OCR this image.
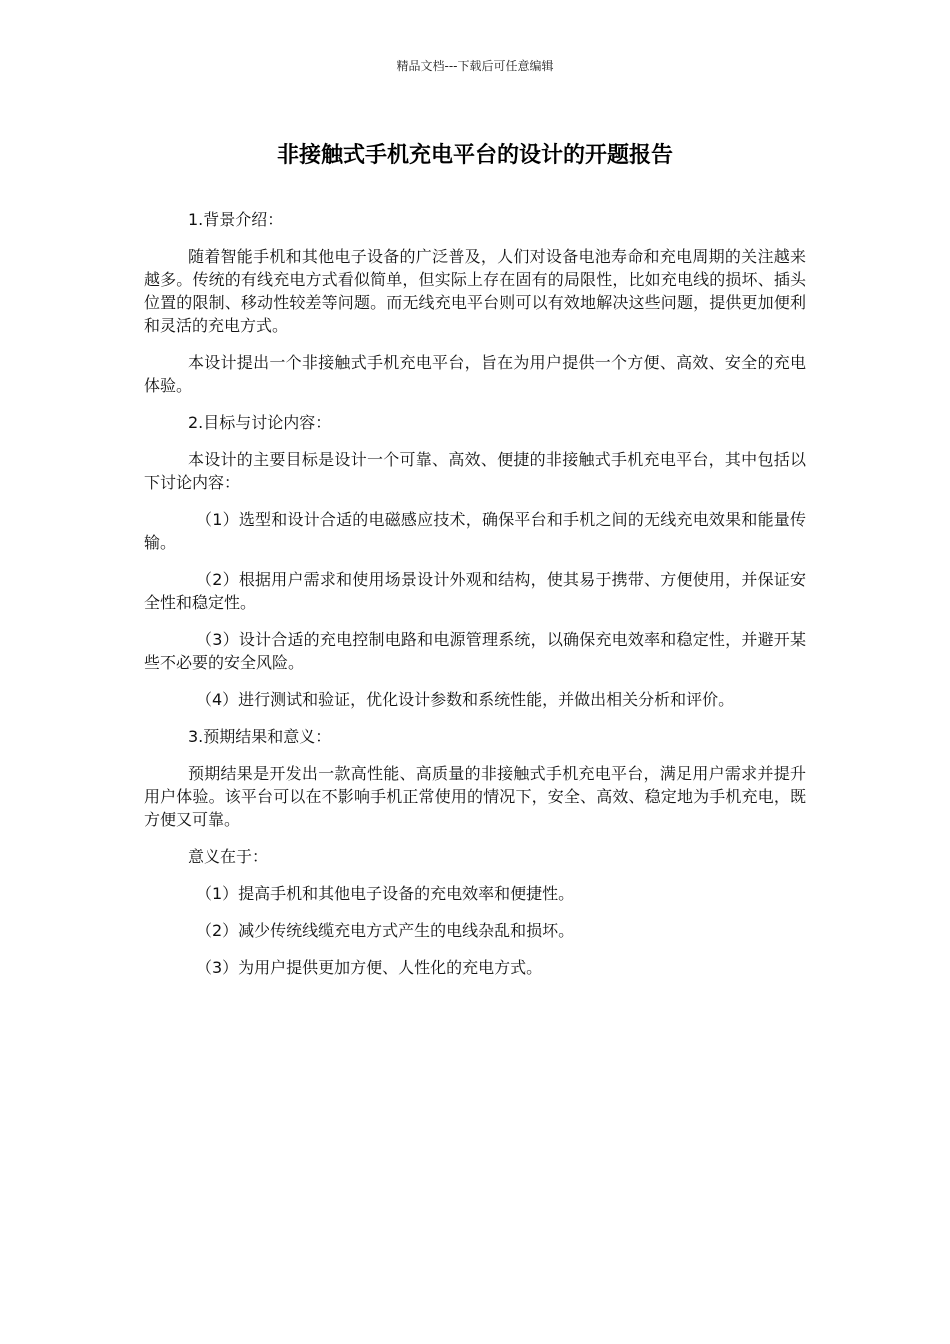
精品文档---下载后可任意编辑
非接触式手机充电平台的设计的开题报告

1.背景介绍：

随着智能手机和其他电子设备的广泛普及，人们对设备电池寿命和充电周期的关注越来越多。传统的有线充电方式看似简单，但实际上存在固有的局限性，比如充电线的损坏、插头位置的限制、移动性较差等问题。而无线充电平台则可以有效地解决这些问题，提供更加便利和灵活的充电方式。

本设计提出一个非接触式手机充电平台，旨在为用户提供一个方便、高效、安全的充电体验。

2.目标与讨论内容：

本设计的主要目标是设计一个可靠、高效、便捷的非接触式手机充电平台，其中包括以下讨论内容：

（1）选型和设计合适的电磁感应技术，确保平台和手机之间的无线充电效果和能量传输。

（2）根据用户需求和使用场景设计外观和结构，使其易于携带、方便使用，并保证安全性和稳定性。

（3）设计合适的充电控制电路和电源管理系统，以确保充电效率和稳定性，并避开某些不必要的安全风险。

（4）进行测试和验证，优化设计参数和系统性能，并做出相关分析和评价。

3.预期结果和意义：

预期结果是开发出一款高性能、高质量的非接触式手机充电平台，满足用户需求并提升用户体验。该平台可以在不影响手机正常使用的情况下，安全、高效、稳定地为手机充电，既方便又可靠。

意义在于：

（1）提高手机和其他电子设备的充电效率和便捷性。

（2）减少传统线缆充电方式产生的电线杂乱和损坏。

（3）为用户提供更加方便、人性化的充电方式。
